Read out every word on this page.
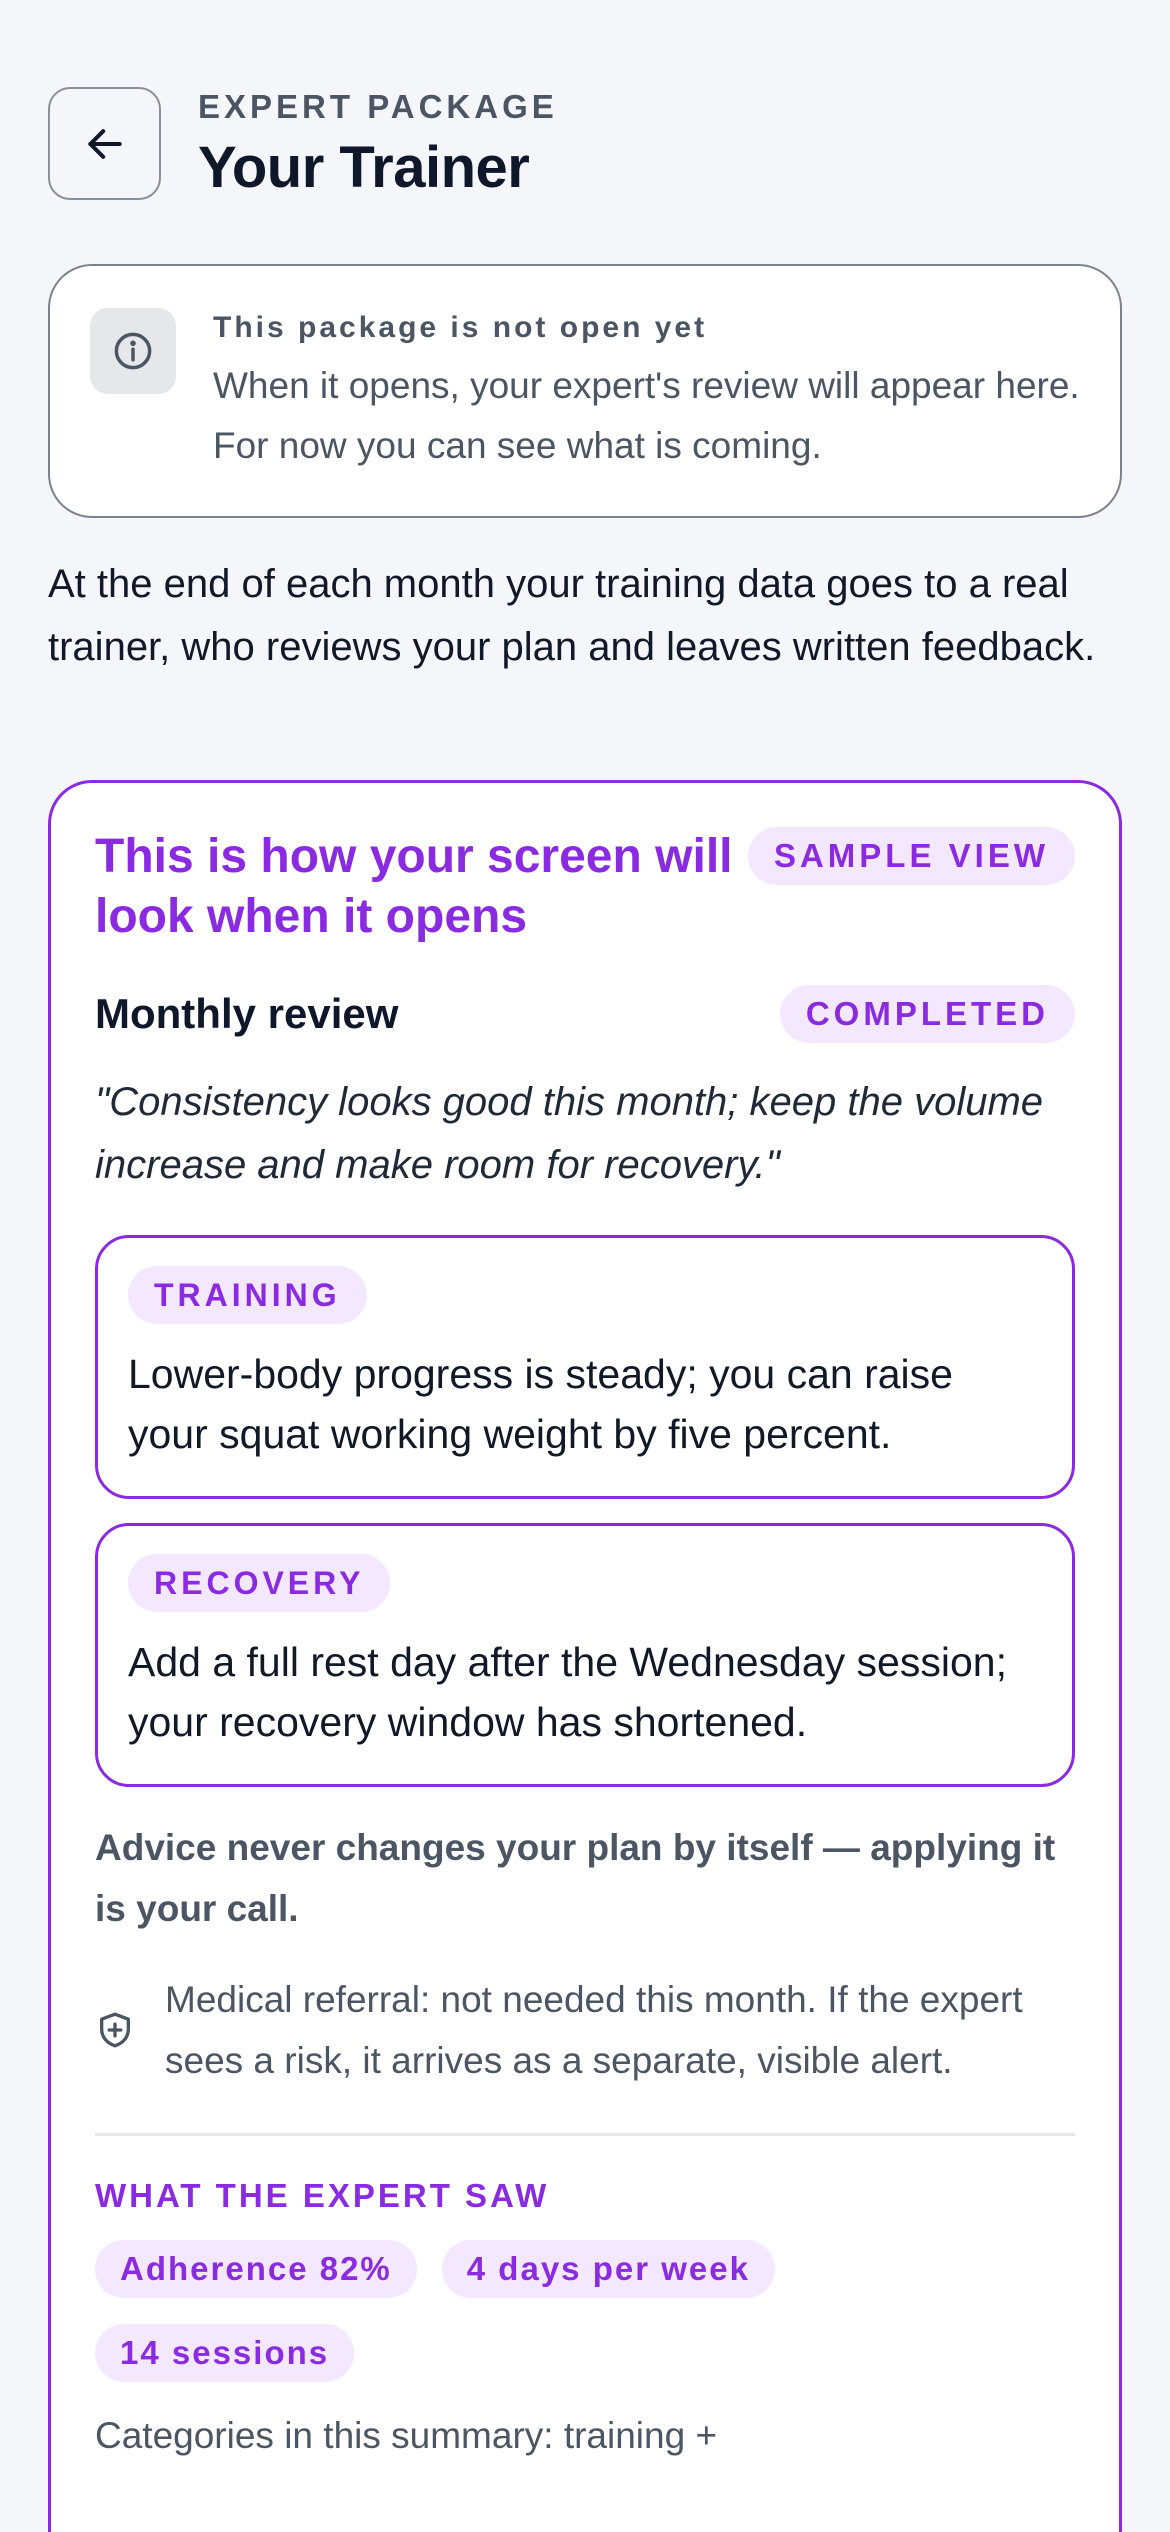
EXPERT PACKAGE
Your Trainer
This package is not open yet
When it opens, your expert's review will appear here. For now you can see what is coming.
At the end of each month your training data goes to a real trainer, who reviews your plan and leaves written feedback.
This is how your screen will look when it opens
SAMPLE VIEW
Monthly review	COMPLETED
"Consistency looks good this month; keep the volume increase and make room for recovery."
TRAINING
Lower-body progress is steady; you can raise your squat working weight by five percent.
RECOVERY
Add a full rest day after the Wednesday session; your recovery window has shortened.
Advice never changes your plan by itself — applying it is your call.
Medical referral: not needed this month. If the expert sees a risk, it arrives as a separate, visible alert.
WHAT THE EXPERT SAW
Adherence 82%	4 days per week
14 sessions
Categories in this summary: training +
